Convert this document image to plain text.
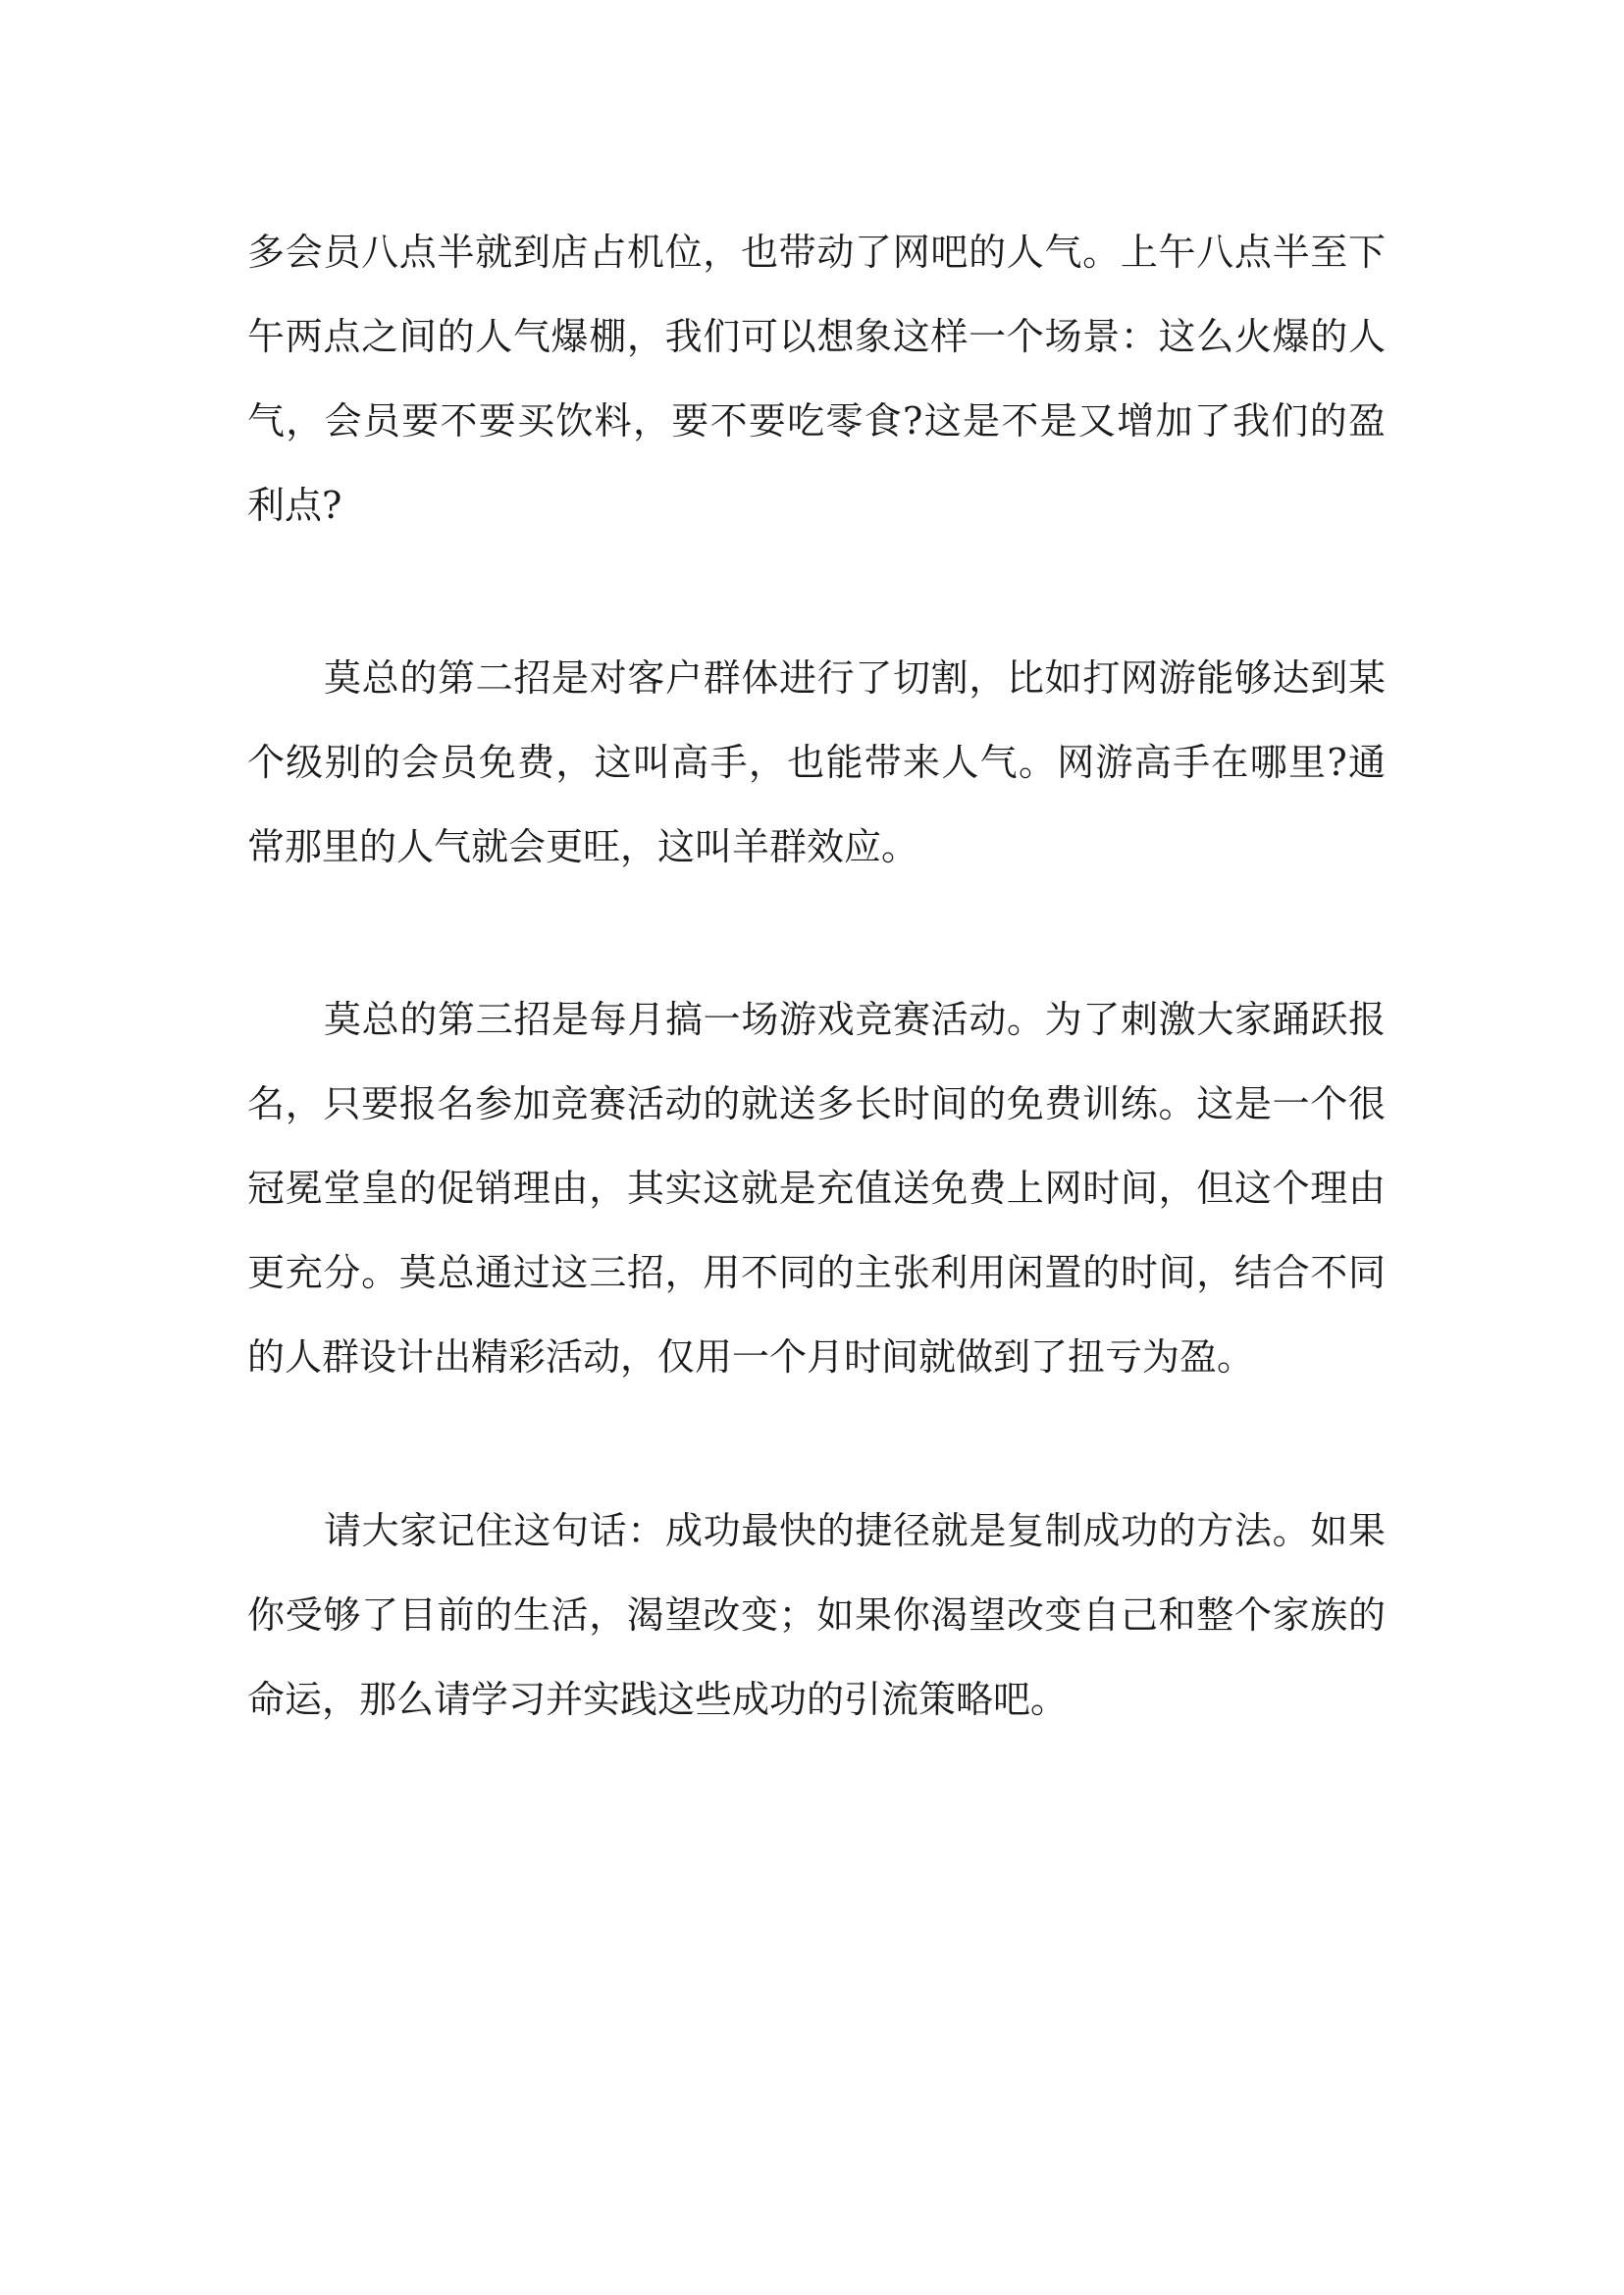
多会员八点半就到店占机位，也带动了网吧的人气。上午八点半至下
午两点之间的人气爆棚，我们可以想象这样一个场景：这么火爆的人
气，会员要不要买饮料，要不要吃零食?这是不是又增加了我们的盈
利点?
莫总的第二招是对客户群体进行了切割，比如打网游能够达到某
个级别的会员免费，这叫高手，也能带来人气。网游高手在哪里?通
常那里的人气就会更旺，这叫羊群效应。
莫总的第三招是每月搞一场游戏竞赛活动。为了刺激大家踊跃报
名，只要报名参加竞赛活动的就送多长时间的免费训练。这是一个很
冠冕堂皇的促销理由，其实这就是充值送免费上网时间，但这个理由
更充分。莫总通过这三招，用不同的主张利用闲置的时间，结合不同
的人群设计出精彩活动，仅用一个月时间就做到了扭亏为盈。
请大家记住这句话：成功最快的捷径就是复制成功的方法。如果
你受够了目前的生活，渴望改变；如果你渴望改变自己和整个家族的
命运，那么请学习并实践这些成功的引流策略吧。
